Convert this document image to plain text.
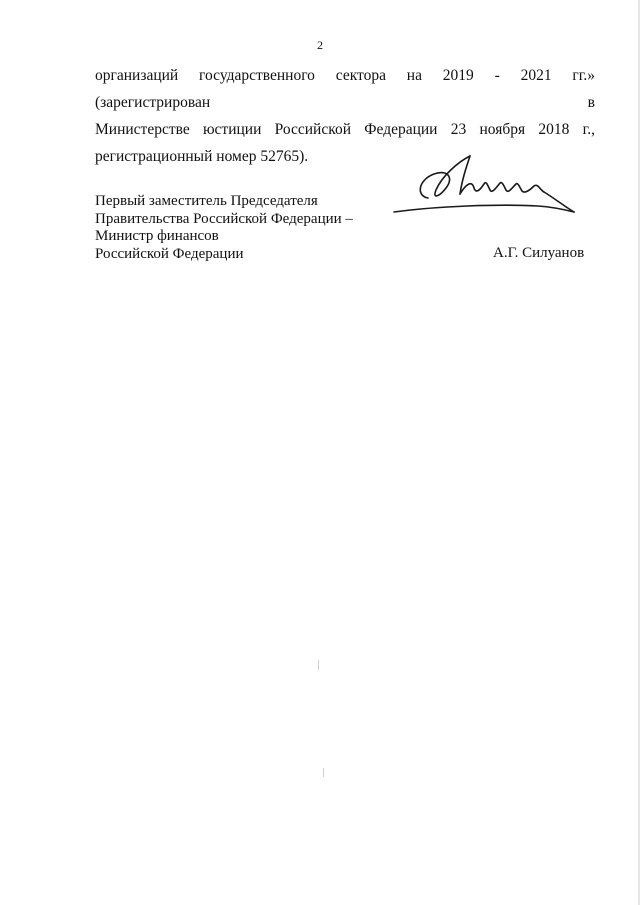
2
организаций государственного сектора на 2019 - 2021 гг.» (зарегистрирован в
Министерстве юстиции Российской Федерации 23 ноября 2018 г.,
регистрационный номер 52765).
Первый заместитель Председателя
Правительства Российской Федерации –
Министр финансов
Российской Федерации	А.Г. Силуанов
